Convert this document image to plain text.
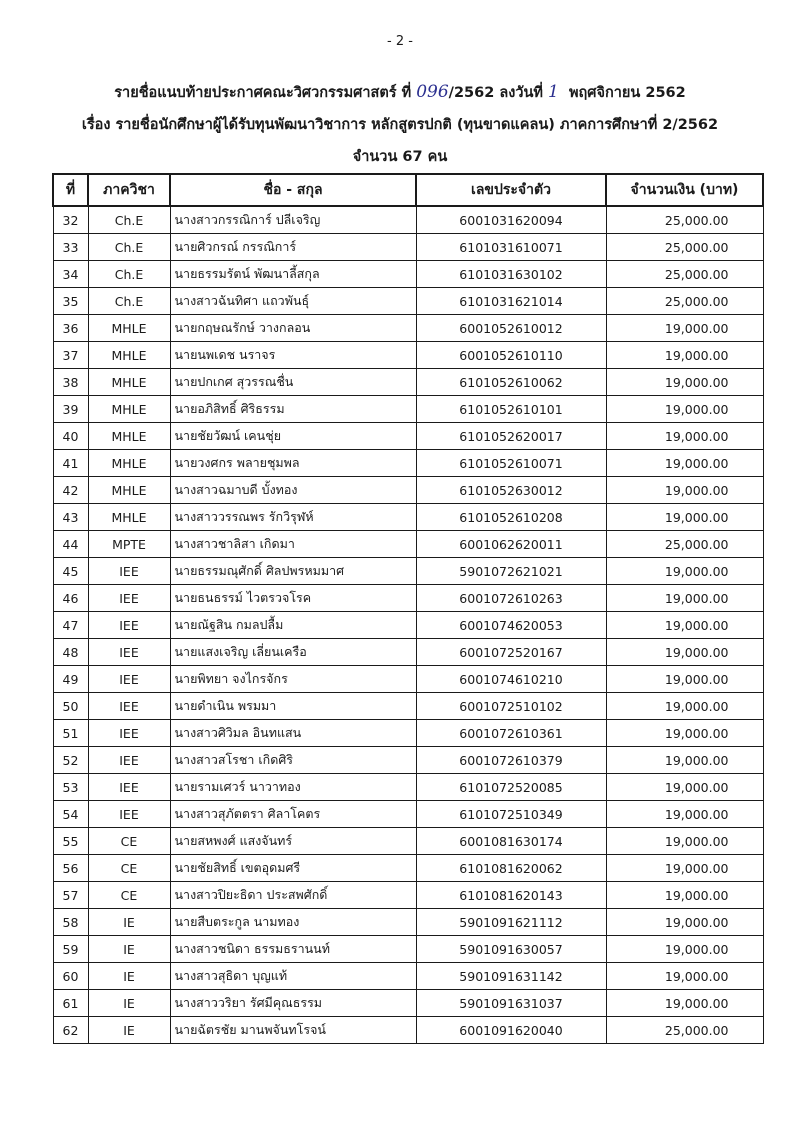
- 2 -
รายชื่อแนบท้ายประกาศคณะวิศวกรรมศาสตร์ ที่ 096/2562 ลงวันที่ 1 พฤศจิกายน 2562
เรื่อง รายชื่อนักศึกษาผู้ได้รับทุนพัฒนาวิชาการ หลักสูตรปกติ (ทุนขาดแคลน) ภาคการศึกษาที่ 2/2562
จำนวน 67 คน
ที่	ภาควิชา	ชื่อ - สกุล	เลขประจำตัว	จำนวนเงิน (บาท)
32	Ch.E	นางสาวกรรณิการ์ ปลีเจริญ	6001031620094	25,000.00
33	Ch.E	นายศิวกรณ์ กรรณิการ์	6101031610071	25,000.00
34	Ch.E	นายธรรมรัตน์ พัฒนาลี้สกุล	6101031630102	25,000.00
35	Ch.E	นางสาวฉันทิศา แถวพันธุ์	6101031621014	25,000.00
36	MHLE	นายกฤษณรักษ์ วางกลอน	6001052610012	19,000.00
37	MHLE	นายนพเดช นราจร	6001052610110	19,000.00
38	MHLE	นายปกเกศ สุวรรณชื่น	6101052610062	19,000.00
39	MHLE	นายอภิสิทธิ์ ศิริธรรม	6101052610101	19,000.00
40	MHLE	นายชัยวัฒน์ เคนชุ่ย	6101052620017	19,000.00
41	MHLE	นายวงศกร พลายชุมพล	6101052610071	19,000.00
42	MHLE	นางสาวฉมาบดี บั้งทอง	6101052630012	19,000.00
43	MHLE	นางสาววรรณพร รักวิรุฬห์	6101052610208	19,000.00
44	MPTE	นางสาวชาลิสา เกิดมา	6001062620011	25,000.00
45	IEE	นายธรรมณุศักดิ์ ศิลปพรหมมาศ	5901072621021	19,000.00
46	IEE	นายธนธรรม์ ไวตรวจโรค	6001072610263	19,000.00
47	IEE	นายณัฐสิน กมลปลื้ม	6001074620053	19,000.00
48	IEE	นายแสงเจริญ เลี่ยนเครือ	6001072520167	19,000.00
49	IEE	นายพิทยา จงไกรจักร	6001074610210	19,000.00
50	IEE	นายดำเนิน พรมมา	6001072510102	19,000.00
51	IEE	นางสาวศิวิมล อินทแสน	6001072610361	19,000.00
52	IEE	นางสาวสโรชา เกิดศิริ	6001072610379	19,000.00
53	IEE	นายรามเศวร์ นาวาทอง	6101072520085	19,000.00
54	IEE	นางสาวสุภัตตรา ศิลาโคตร	6101072510349	19,000.00
55	CE	นายสหพงศ์ แสงจันทร์	6001081630174	19,000.00
56	CE	นายชัยสิทธิ์ เขตอุดมศรี	6101081620062	19,000.00
57	CE	นางสาวปิยะธิดา ประสพศักดิ์	6101081620143	19,000.00
58	IE	นายสืบตระกูล นามทอง	5901091621112	19,000.00
59	IE	นางสาวชนิดา ธรรมธรานนท์	5901091630057	19,000.00
60	IE	นางสาวสุธิดา บุญแท้	5901091631142	19,000.00
61	IE	นางสาววริยา รัศมีคุณธรรม	5901091631037	19,000.00
62	IE	นายฉัตรชัย มานพจันทโรจน์	6001091620040	25,000.00
